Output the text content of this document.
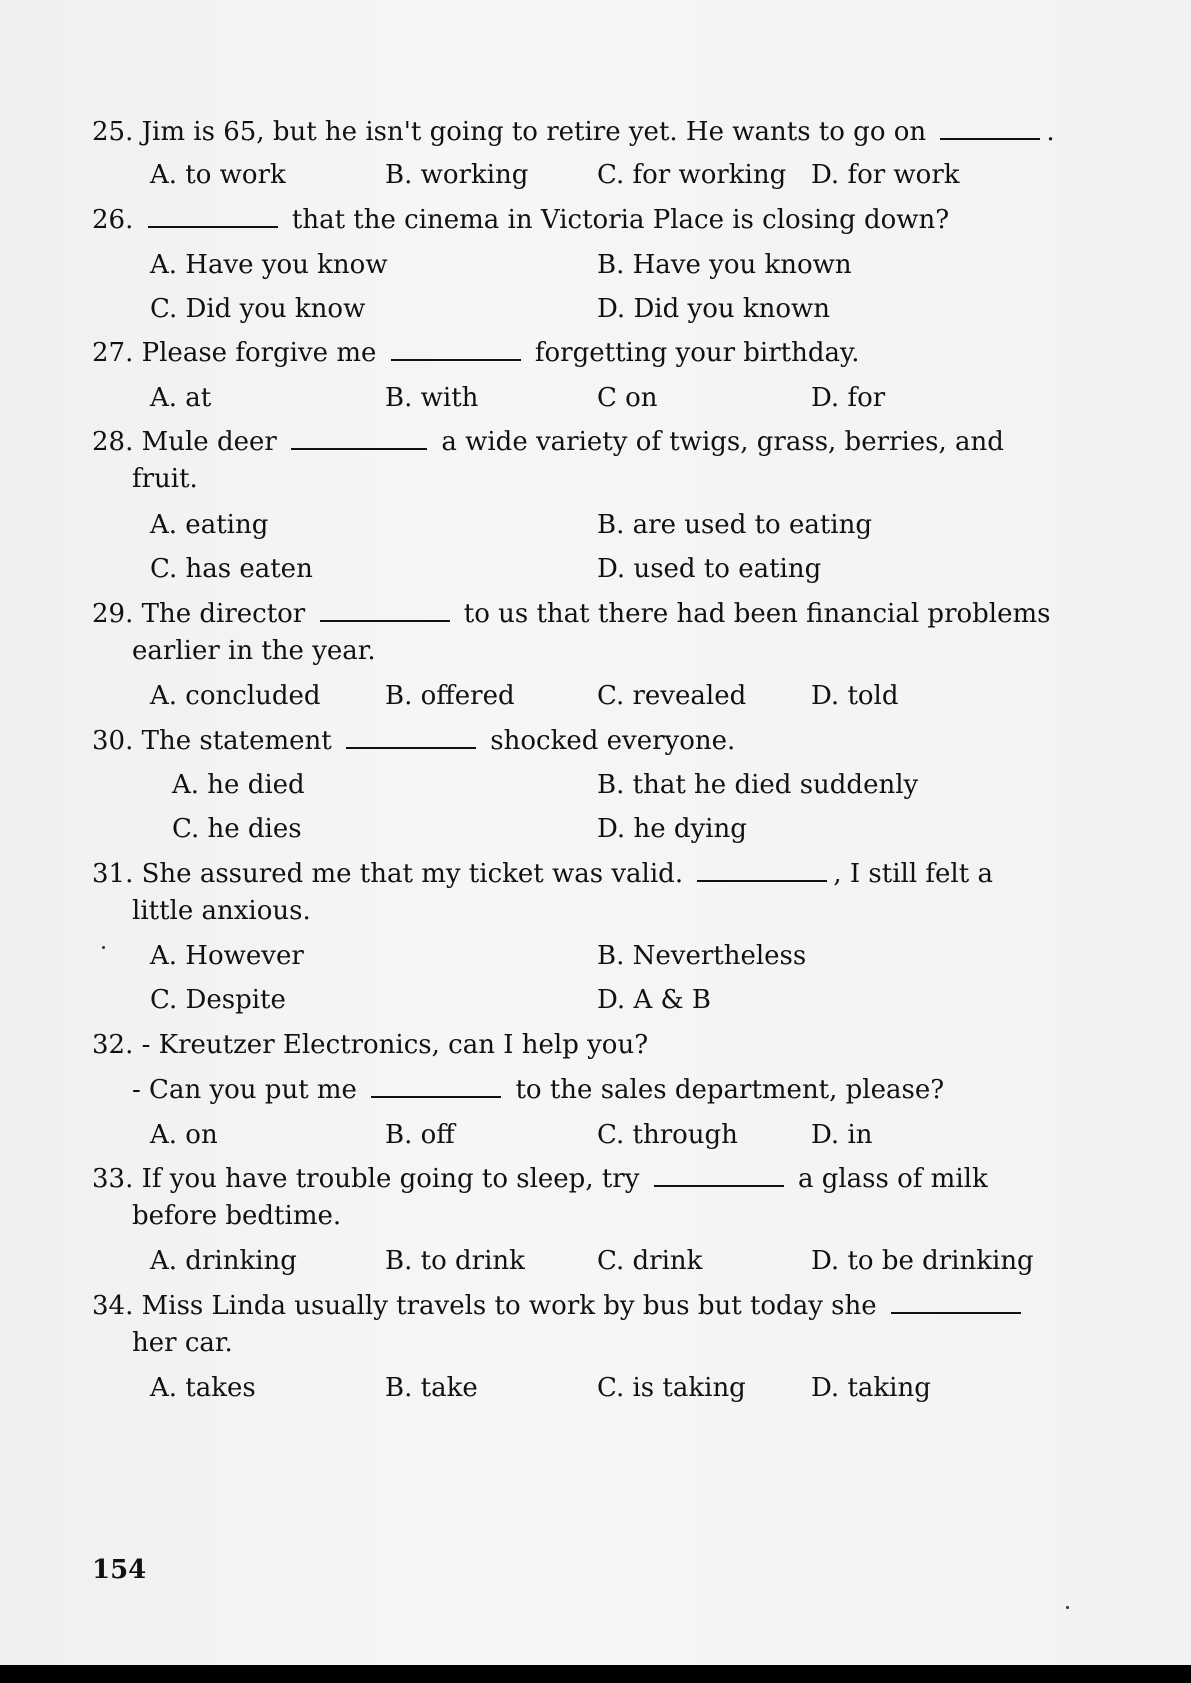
25. Jim is 65, but he isn't going to retire yet. He wants to go on	.
A. to work	B. working	C. for working D. for work
26.	that the cinema in Victoria Place is closing down?
A. Have you know	B. Have you known
C. Did you know	D. Did you known
27. Please forgive me	forgetting your birthday.
A. at	B. with	C on	D. for
28. Mule deer	a wide variety of twigs, grass, berries, and
fruit.
A. eating	B. are used to eating
C. has eaten	D. used to eating
29. The director	to us that there had been financial problems
earlier in the year.
A. concluded B. offered	C. revealed D. told
30. The statement	shocked everyone.
A. he died	B. that he died suddenly
C. he dies	D. he dying
31. She assured me that my ticket was valid.	, I still felt a
little anxious.
A. However	B. Nevertheless
C. Despite	D. A & B
32. - Kreutzer Electronics, can I help you?
- Can you put me	to the sales department, please?
A. on	B. off	C. through	D. in
33. If you have trouble going to sleep, try	a glass of milk
before bedtime.
A. drinking	B. to drink	C. drink	D. to be drinking
34. Miss Linda usually travels to work by bus but today she
her car.
A. takes	B. take	C. is taking	D. taking
154
